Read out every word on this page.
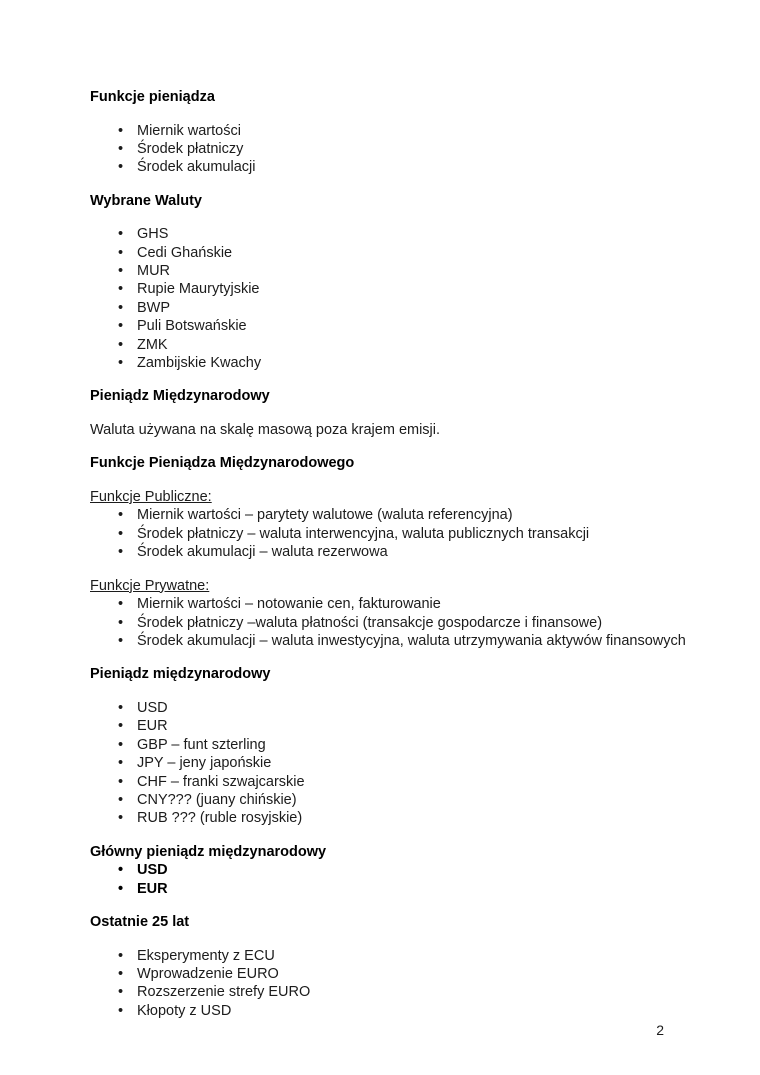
Funkcje pieniądza
• Miernik wartości
• Środek płatniczy
• Środek akumulacji
Wybrane Waluty
• GHS
• Cedi Ghańskie
• MUR
• Rupie Maurytyjskie
• BWP
• Puli Botswańskie
• ZMK
• Zambijskie Kwachy
Pieniądz Międzynarodowy

Waluta używana na skalę masową poza krajem emisji.

Funkcje Pieniądza Międzynarodowego
Funkcje Publiczne:
• Miernik wartości – parytety walutowe (waluta referencyjna)
• Środek płatniczy – waluta interwencyjna, waluta publicznych transakcji
• Środek akumulacji – waluta rezerwowa
Funkcje Prywatne:
• Miernik wartości – notowanie cen, fakturowanie
• Środek płatniczy –waluta płatności (transakcje gospodarcze i finansowe)
• Środek akumulacji – waluta inwestycyjna, waluta utrzymywania aktywów finansowych
Pieniądz międzynarodowy
• USD
• EUR
• GBP – funt szterling
• JPY – jeny japońskie
• CHF – franki szwajcarskie
• CNY??? (juany chińskie)
• RUB ??? (ruble rosyjskie)
Główny pieniądz międzynarodowy
• USD
• EUR
Ostatnie 25 lat
• Eksperymenty z ECU
• Wprowadzenie EURO
• Rozszerzenie strefy EURO
• Kłopoty z USD
2
